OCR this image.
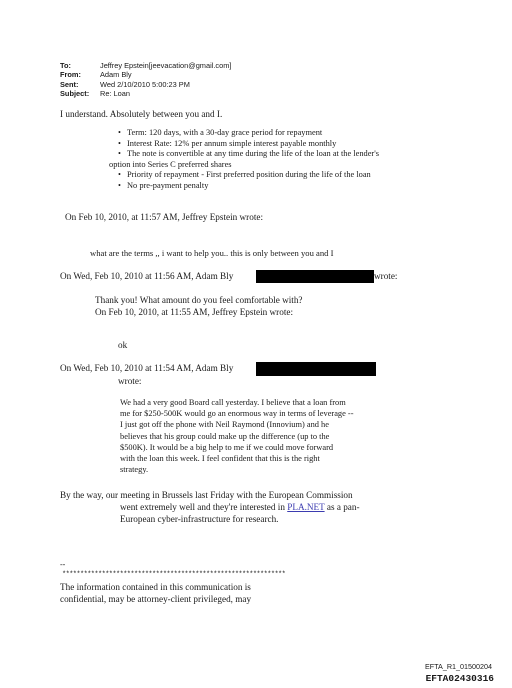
To:	Jeffrey Epstein[jeevacation@gmail.com]
From:	Adam Bly
Sent:	Wed 2/10/2010 5:00:23 PM
Subject:	Re: Loan
I understand. Absolutely between you and I.
• Term: 120 days, with a 30-day grace period for repayment
• Interest Rate: 12% per annum simple interest payable monthly
• The note is convertible at any time during the life of the loan at the lender's
option into Series C preferred shares
• Priority of repayment - First preferred position during the life of the loan
• No pre-payment penalty
On Feb 10, 2010, at 11:57 AM, Jeffrey Epstein wrote:
what are the terms ,, i want to help you.. this is only between you and I
On Wed, Feb 10, 2010 at 11:56 AM, Adam Bly	wrote:
Thank you! What amount do you feel comfortable with?
On Feb 10, 2010, at 11:55 AM, Jeffrey Epstein wrote:
ok
On Wed, Feb 10, 2010 at 11:54 AM, Adam Bly
wrote:
We had a very good Board call yesterday. I believe that a loan from
me for $250-500K would go an enormous way in terms of leverage --
I just got off the phone with Neil Raymond (Innovium) and he
believes that his group could make up the difference (up to the
$500K). It would be a big help to me if we could move forward
with the loan this week. I feel confident that this is the right
strategy.
By the way, our meeting in Brussels last Friday with the European Commission
went extremely well and they're interested in PLA.NET as a pan-
European cyber-infrastructure for research.
--
**************************************************************
The information contained in this communication is
confidential, may be attorney-client privileged, may
EFTA_R1_01500204
EFTA02430316
